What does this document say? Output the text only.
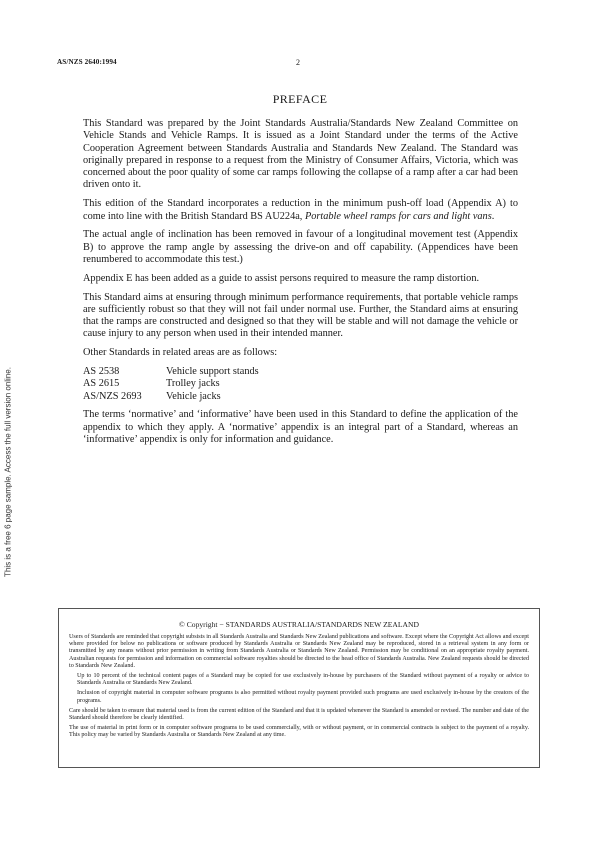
AS/NZS 2640:1994	2
This is a free 6 page sample. Access the full version online.
PREFACE

This Standard was prepared by the Joint Standards Australia/Standards New Zealand Committee on Vehicle Stands and Vehicle Ramps. It is issued as a Joint Standard under the terms of the Active Cooperation Agreement between Standards Australia and Standards New Zealand. The Standard was originally prepared in response to a request from the Ministry of Consumer Affairs, Victoria, which was concerned about the poor quality of some car ramps following the collapse of a ramp after a car had been driven onto it.

This edition of the Standard incorporates a reduction in the minimum push-off load (Appendix A) to come into line with the British Standard BS AU224a, Portable wheel ramps for cars and light vans.

The actual angle of inclination has been removed in favour of a longitudinal movement test (Appendix B) to approve the ramp angle by assessing the drive-on and off capability. (Appendices have been renumbered to accommodate this test.)

Appendix E has been added as a guide to assist persons required to measure the ramp distortion.

This Standard aims at ensuring through minimum performance requirements, that portable vehicle ramps are sufficiently robust so that they will not fail under normal use. Further, the Standard aims at ensuring that the ramps are constructed and designed so that they will be stable and will not damage the vehicle or cause injury to any person when used in their intended manner.

Other Standards in related areas are as follows:

AS 2538	Vehicle support stands
AS 2615	Trolley jacks
AS/NZS 2693	Vehicle jacks

The terms ‘normative’ and ‘informative’ have been used in this Standard to define the application of the appendix to which they apply. A ‘normative’ appendix is an integral part of a Standard, whereas an ‘informative’ appendix is only for information and guidance.

© Copyright − STANDARDS AUSTRALIA/STANDARDS NEW ZEALAND

Users of Standards are reminded that copyright subsists in all Standards Australia and Standards New Zealand publications and software. Except where the Copyright Act allows and except where provided for below no publications or software produced by Standards Australia or Standards New Zealand may be reproduced, stored in a retrieval system in any form or transmitted by any means without prior permission in writing from Standards Australia or Standards New Zealand. Permission may be conditional on an appropriate royalty payment. Australian requests for permission and information on commercial software royalties should be directed to the head office of Standards Australia. New Zealand requests should be directed to Standards New Zealand.

Up to 10 percent of the technical content pages of a Standard may be copied for use exclusively in-house by purchasers of the Standard without payment of a royalty or advice to Standards Australia or Standards New Zealand.

Inclusion of copyright material in computer software programs is also permitted without royalty payment provided such programs are used exclusively in-house by the creators of the programs.

Care should be taken to ensure that material used is from the current edition of the Standard and that it is updated whenever the Standard is amended or revised. The number and date of the Standard should therefore be clearly identified.

The use of material in print form or in computer software programs to be used commercially, with or without payment, or in commercial contracts is subject to the payment of a royalty. This policy may be varied by Standards Australia or Standards New Zealand at any time.
